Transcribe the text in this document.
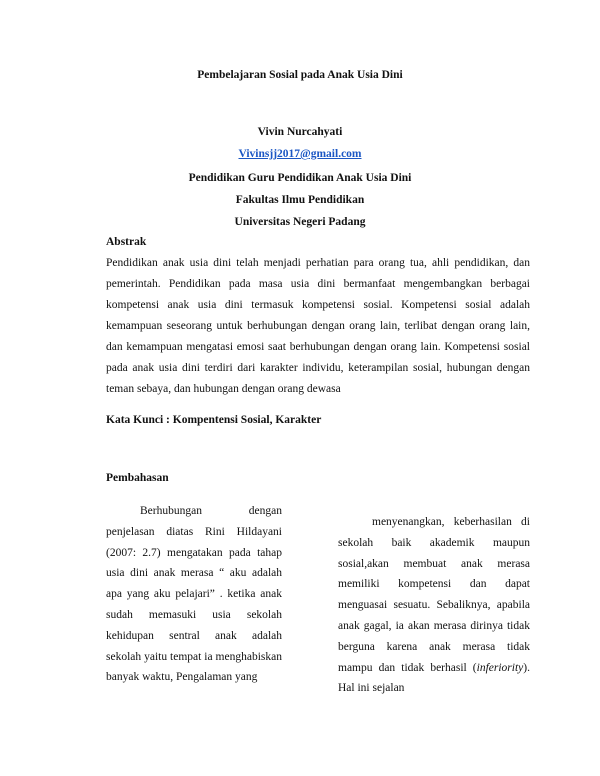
Pembelajaran Sosial pada Anak Usia Dini
Vivin Nurcahyati
Vivinsjj2017@gmail.com
Pendidikan Guru Pendidikan Anak Usia Dini
Fakultas Ilmu Pendidikan
Universitas Negeri Padang
Abstrak

Pendidikan anak usia dini telah menjadi perhatian para orang tua, ahli pendidikan, dan pemerintah. Pendidikan pada masa usia dini bermanfaat mengembangkan berbagai kompetensi anak usia dini termasuk kompetensi sosial. Kompetensi sosial adalah kemampuan seseorang untuk berhubungan dengan orang lain, terlibat dengan orang lain, dan kemampuan mengatasi emosi saat berhubungan dengan orang lain. Kompetensi sosial pada anak usia dini terdiri dari karakter individu, keterampilan sosial, hubungan dengan teman sebaya, dan hubungan dengan orang dewasa

Kata Kunci : Kompentensi Sosial, Karakter
Pembahasan

Berhubungan dengan penjelasan diatas Rini Hildayani (2007: 2.7) mengatakan pada tahap usia dini anak merasa “ aku adalah apa yang aku pelajari” . ketika anak sudah memasuki usia sekolah kehidupan sentral anak adalah sekolah yaitu tempat ia menghabiskan banyak waktu, Pengalaman yang

menyenangkan, keberhasilan di sekolah baik akademik maupun sosial,akan membuat anak merasa memiliki kompetensi dan dapat menguasai sesuatu. Sebaliknya, apabila anak gagal, ia akan merasa dirinya tidak berguna karena anak merasa tidak mampu dan tidak berhasil (inferiority). Hal ini sejalan
